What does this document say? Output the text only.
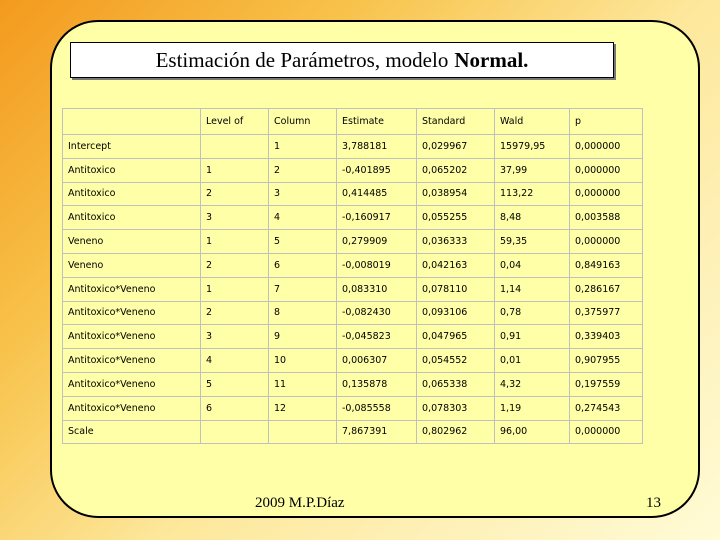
Estimación de Parámetros, modelo Normal.
	Level of	Column	Estimate	Standard	Wald	p
Intercept		1	3,788181	0,029967	15979,95	0,000000
Antitoxico	1	2	-0,401895	0,065202	37,99	0,000000
Antitoxico	2	3	0,414485	0,038954	113,22	0,000000
Antitoxico	3	4	-0,160917	0,055255	8,48	0,003588
Veneno	1	5	0,279909	0,036333	59,35	0,000000
Veneno	2	6	-0,008019	0,042163	0,04	0,849163
Antitoxico*Veneno	1	7	0,083310	0,078110	1,14	0,286167
Antitoxico*Veneno	2	8	-0,082430	0,093106	0,78	0,375977
Antitoxico*Veneno	3	9	-0,045823	0,047965	0,91	0,339403
Antitoxico*Veneno	4	10	0,006307	0,054552	0,01	0,907955
Antitoxico*Veneno	5	11	0,135878	0,065338	4,32	0,197559
Antitoxico*Veneno	6	12	-0,085558	0,078303	1,19	0,274543
Scale			7,867391	0,802962	96,00	0,000000
2009 M.P.Díaz	13
